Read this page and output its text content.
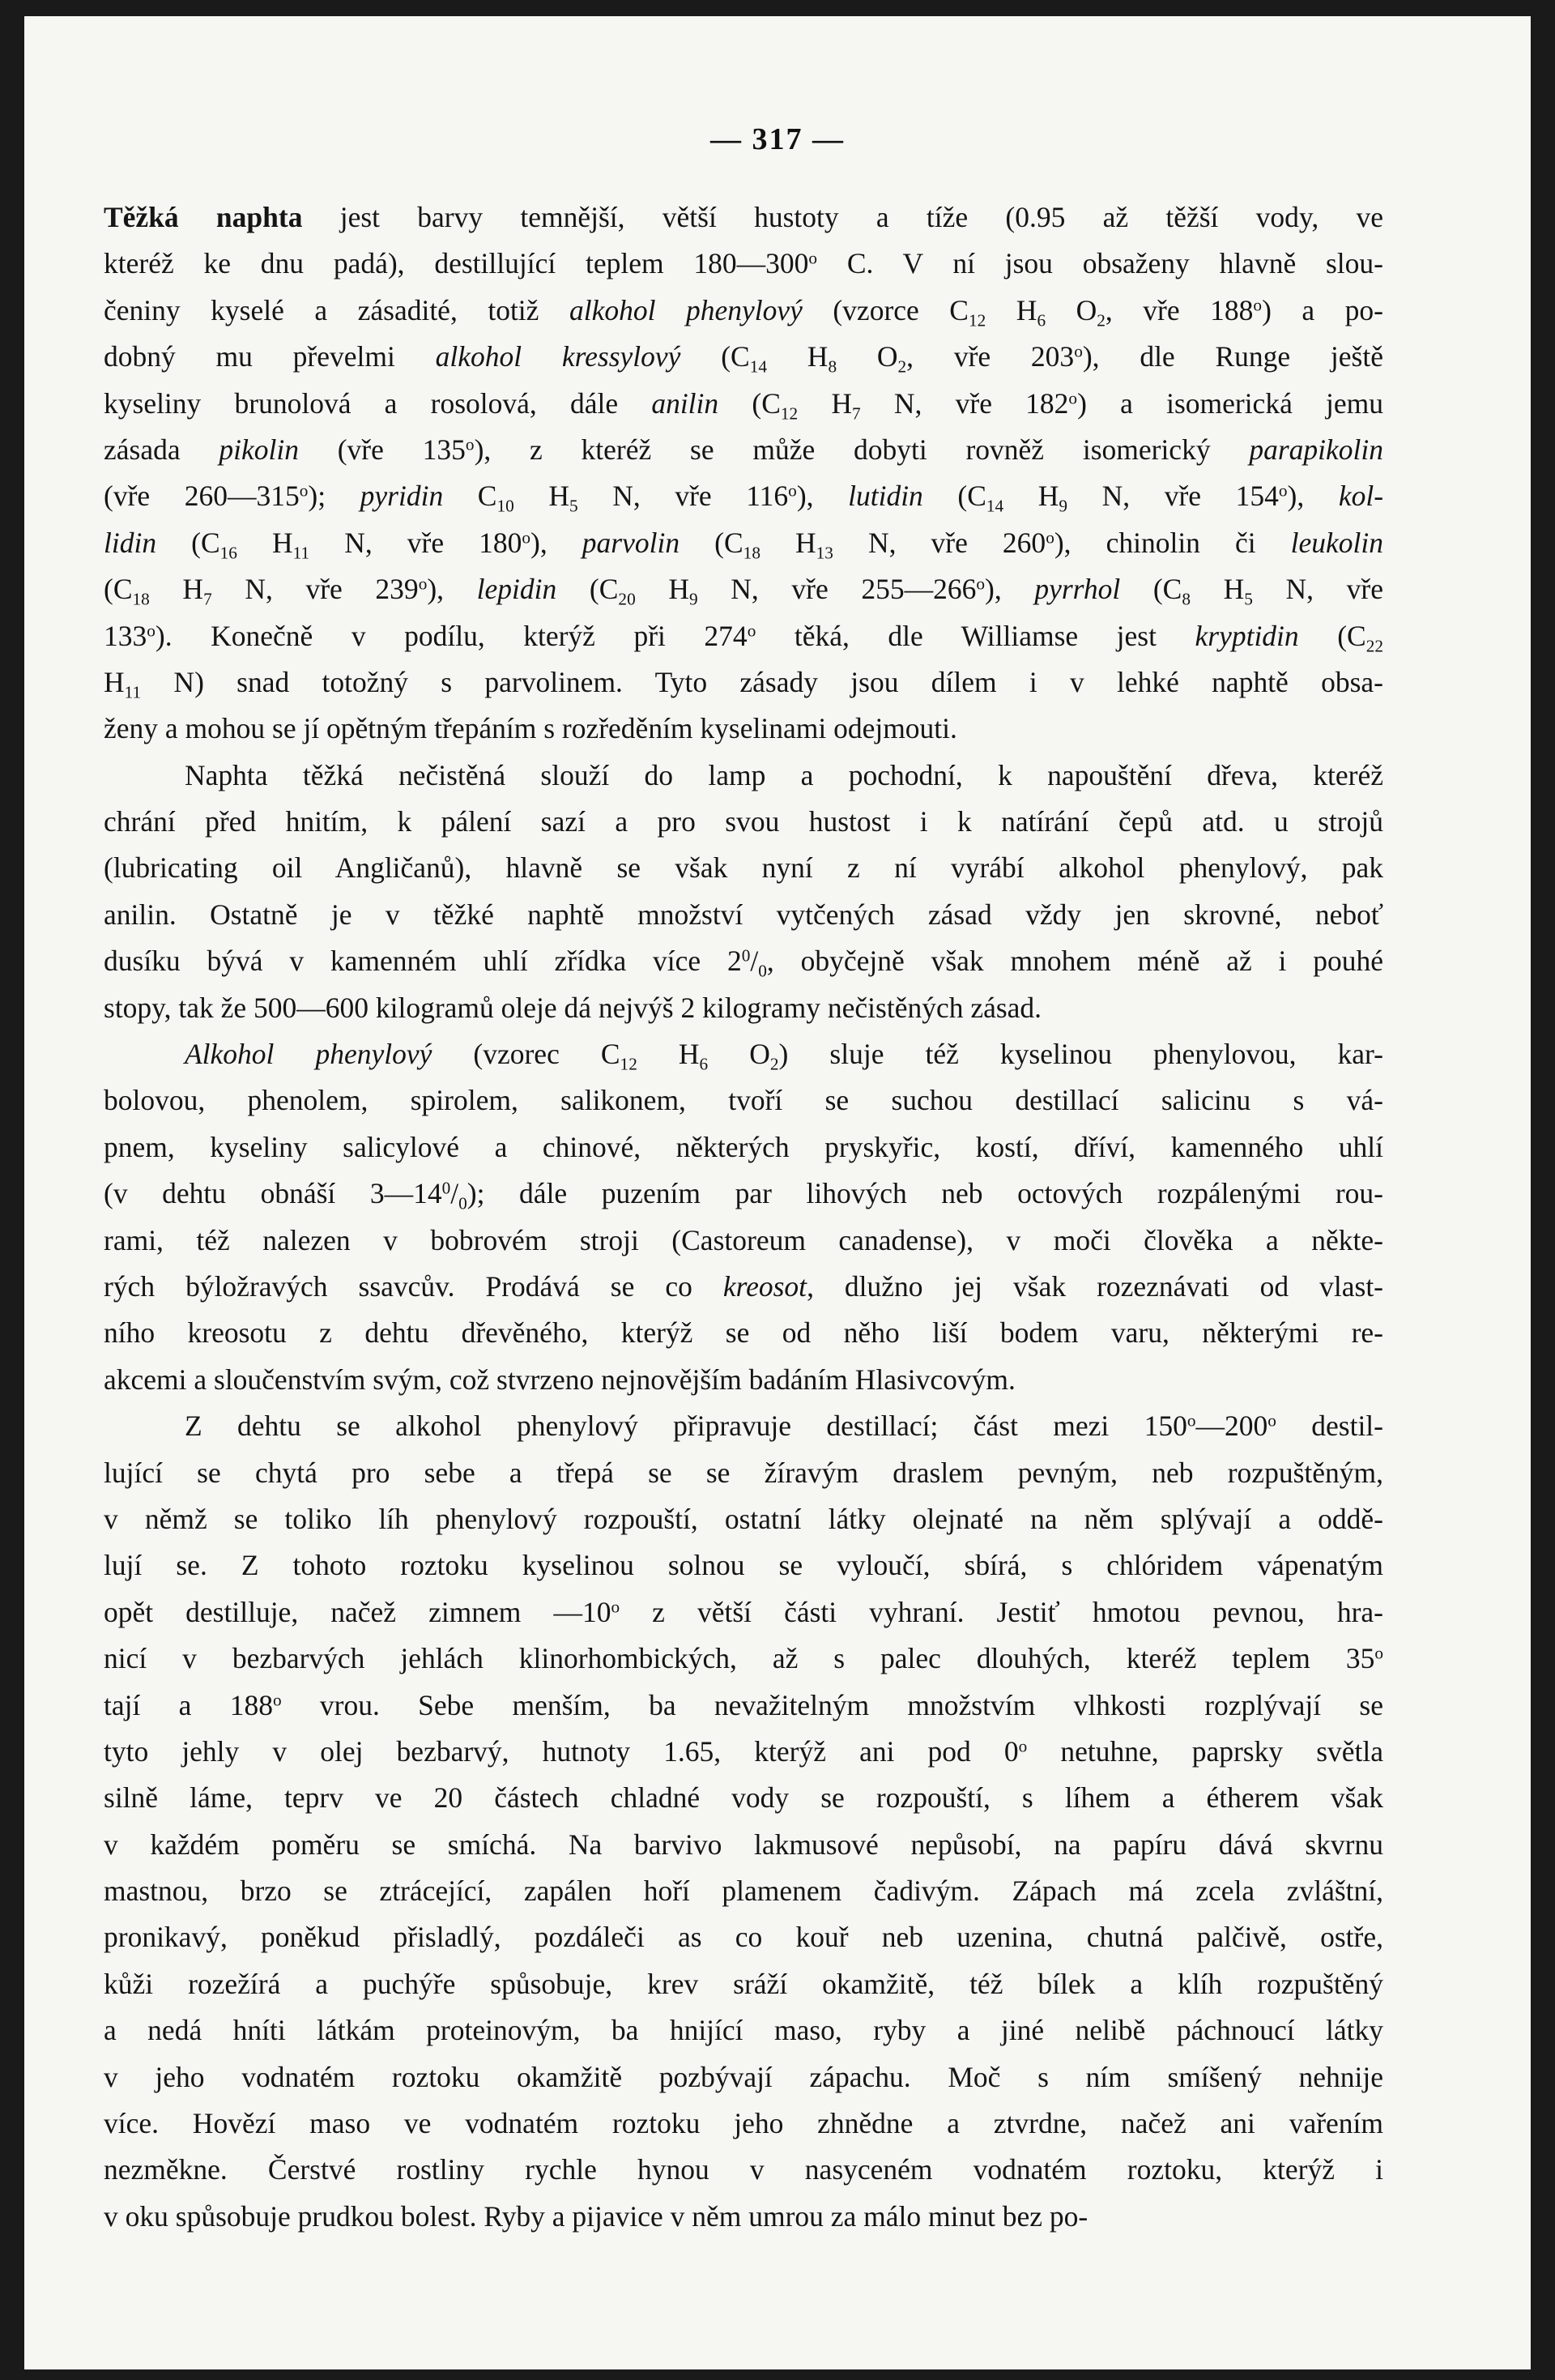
— 317 —
Těžká naphta jest barvy temnější, větší hustoty a tíže (0.95 až těžší vody, ve
kteréž ke dnu padá), destillující teplem 180—300$^o$ C. V ní jsou obsaženy hlavně slou-
čeniny kyselé a zásadité, totiž alkohol phenylový (vzorce $C_{12}$ $H_6$ $O_2$, vře 188$^o$) a po-
dobný mu převelmi alkohol kressylový ($C_{14}$ $H_8$ $O_2$, vře 203$^o$), dle Runge ještě
kyseliny brunolová a rosolová, dále anilin ($C_{12}$ $H_7$ N, vře 182$^o$) a isomerická jemu
zásada pikolin (vře 135$^o$), z kteréž se může dobyti rovněž isomerický parapikolin
(vře 260—315$^o$); pyridin $C_{10}$ $H_5$ N, vře 116$^o$), lutidin ($C_{14}$ $H_9$ N, vře 154$^o$), kol-
lidin ($C_{16}$ $H_{11}$ N, vře 180$^o$), parvolin ($C_{18}$ $H_{13}$ N, vře 260$^o$), chinolin či leukolin
($C_{18}$ $H_7$ N, vře 239$^o$), lepidin ($C_{20}$ $H_9$ N, vře 255—266$^o$), pyrrhol ($C_8$ $H_5$ N, vře
133$^o$). Konečně v podílu, kterýž při 274$^o$ těká, dle Williamse jest kryptidin ($C_{22}$
$H_{11}$ N) snad totožný s parvolinem. Tyto zásady jsou dílem i v lehké naphtě obsa-
ženy a mohou se jí opětným třepáním s rozředěním kyselinami odejmouti.
Naphta těžká nečistěná slouží do lamp a pochodní, k napouštění dřeva, kteréž
chrání před hnitím, k pálení sazí a pro svou hustost i k natírání čepů atd. u strojů
(lubricating oil Angličanů), hlavně se však nyní z ní vyrábí alkohol phenylový, pak
anilin. Ostatně je v těžké naphtě množství vytčených zásad vždy jen skrovné, neboť
dusíku bývá v kamenném uhlí zřídka více $2^0/_0$, obyčejně však mnohem méně až i pouhé
stopy, tak že 500—600 kilogramů oleje dá nejvýš 2 kilogramy nečistěných zásad.
Alkohol phenylový (vzorec $C_{12}$ $H_6$ $O_2$) sluje též kyselinou phenylovou, kar-
bolovou, phenolem, spirolem, salikonem, tvoří se suchou destillací salicinu s vá-
pnem, kyseliny salicylové a chinové, některých pryskyřic, kostí, dříví, kamenného uhlí
(v dehtu obnáší $3—14^0/_0$); dále puzením par lihových neb octových rozpálenými rou-
rami, též nalezen v bobrovém stroji (Castoreum canadense), v moči člověka a někte-
rých býložravých ssavcův. Prodává se co kreosot, dlužno jej však rozeznávati od vlast-
ního kreosotu z dehtu dřevěného, kterýž se od něho liší bodem varu, některými re-
akcemi a sloučenstvím svým, což stvrzeno nejnovějším badáním Hlasivcovým.
Z dehtu se alkohol phenylový připravuje destillací; část mezi 150$^o$—200$^o$ destil-
lující se chytá pro sebe a třepá se se žíravým draslem pevným, neb rozpuštěným,
v němž se toliko líh phenylový rozpouští, ostatní látky olejnaté na něm splývají a oddě-
lují se. Z tohoto roztoku kyselinou solnou se vyloučí, sbírá, s chlóridem vápenatým
opět destilluje, načež zimnem —10$^o$ z větší části vyhraní. Jestiť hmotou pevnou, hra-
nicí v bezbarvých jehlách klinorhombických, až s palec dlouhých, kteréž teplem 35$^o$
tají a 188$^o$ vrou. Sebe menším, ba nevažitelným množstvím vlhkosti rozplývají se
tyto jehly v olej bezbarvý, hutnoty 1.65, kterýž ani pod 0$^o$ netuhne, paprsky světla
silně láme, teprv ve 20 částech chladné vody se rozpouští, s líhem a étherem však
v každém poměru se smíchá. Na barvivo lakmusové nepůsobí, na papíru dává skvrnu
mastnou, brzo se ztrácející, zapálen hoří plamenem čadivým. Zápach má zcela zvláštní,
pronikavý, poněkud přisladlý, pozdáleči as co kouř neb uzenina, chutná palčivě, ostře,
kůži rozežírá a puchýře spůsobuje, krev sráží okamžitě, též bílek a klíh rozpuštěný
a nedá hníti látkám proteinovým, ba hnijící maso, ryby a jiné nelibě páchnoucí látky
v jeho vodnatém roztoku okamžitě pozbývají zápachu. Moč s ním smíšený nehnije
více. Hovězí maso ve vodnatém roztoku jeho zhnědne a ztvrdne, načež ani vařením
nezměkne. Čerstvé rostliny rychle hynou v nasyceném vodnatém roztoku, kterýž i
v oku spůsobuje prudkou bolest. Ryby a pijavice v něm umrou za málo minut bez po-
